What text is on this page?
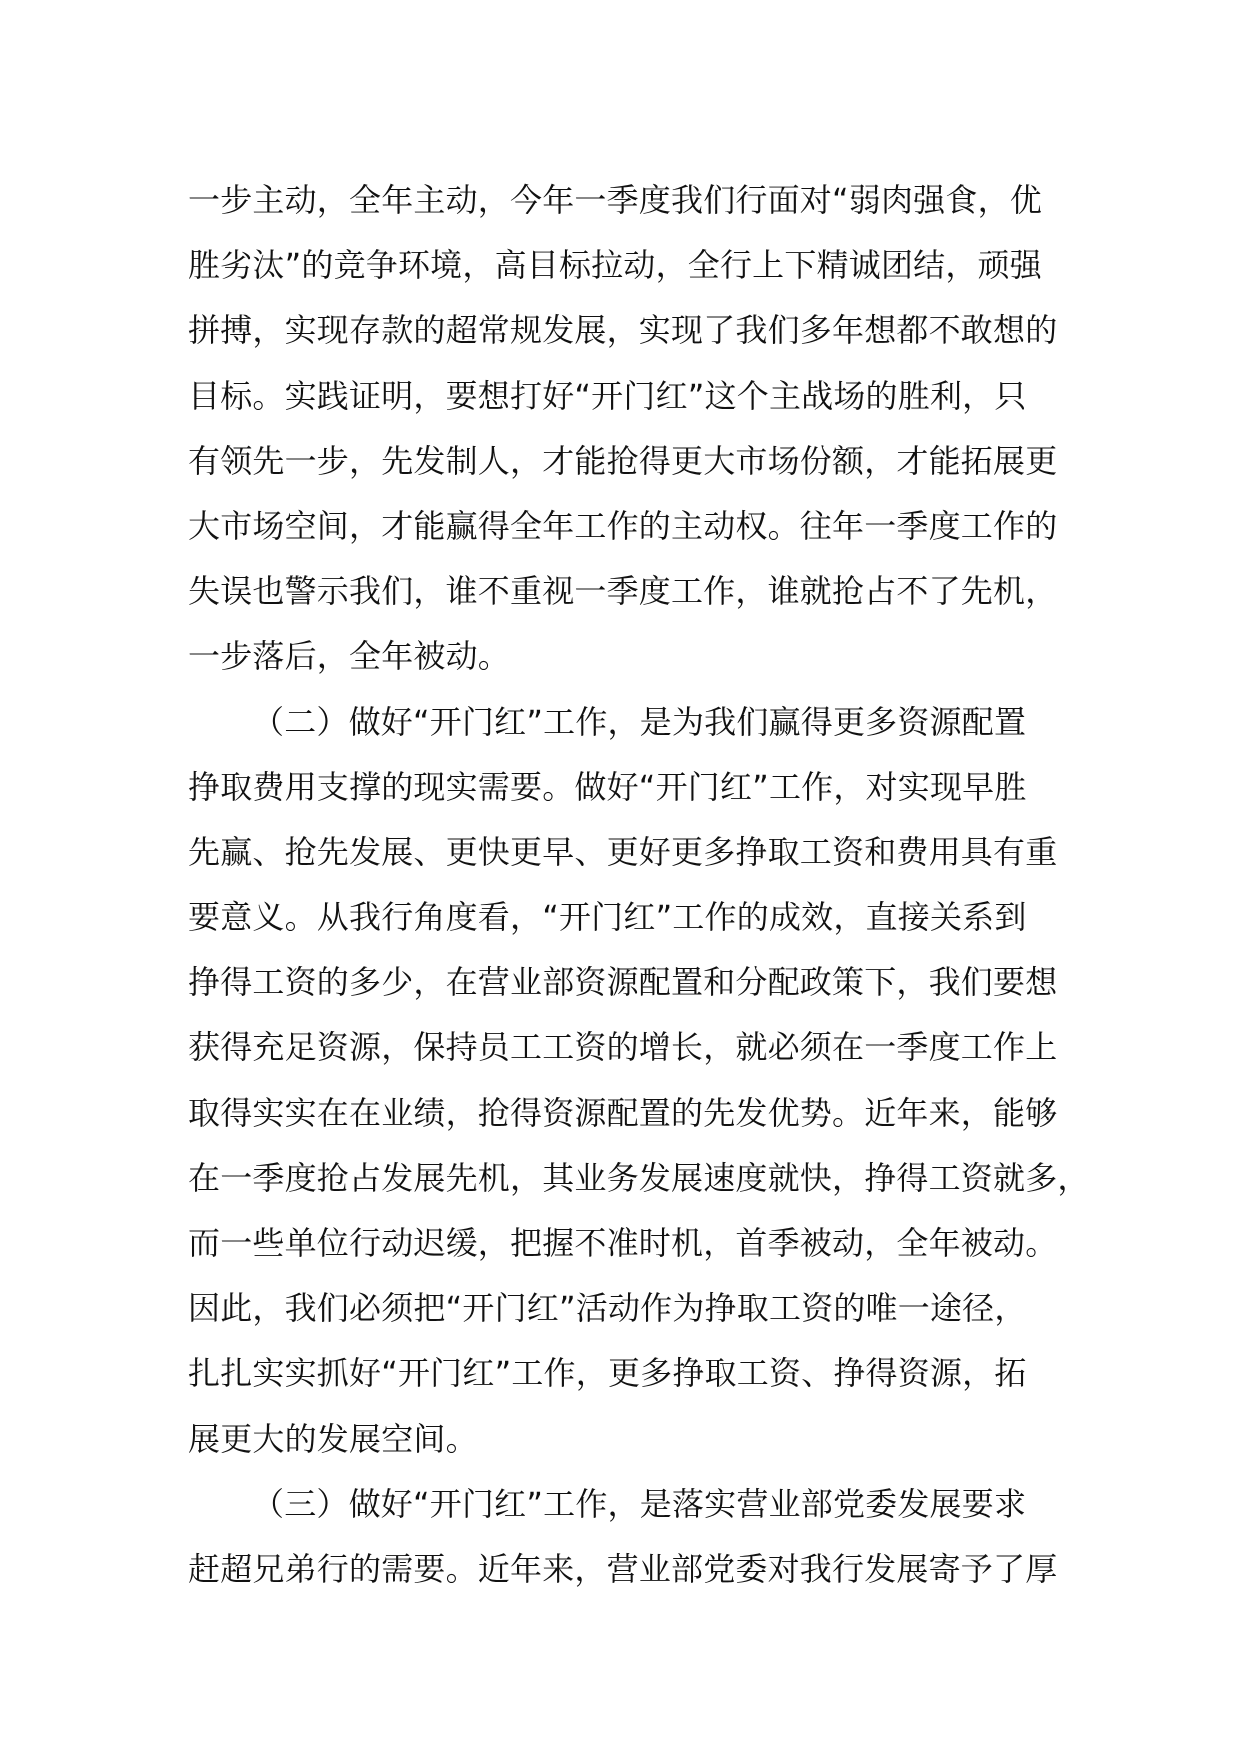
一步主动，全年主动，今年一季度我们行面对“弱肉强食，优
胜劣汰”的竞争环境，高目标拉动，全行上下精诚团结，顽强
拼搏，实现存款的超常规发展，实现了我们多年想都不敢想的
目标。实践证明，要想打好“开门红”这个主战场的胜利，只
有领先一步，先发制人，才能抢得更大市场份额，才能拓展更
大市场空间，才能赢得全年工作的主动权。往年一季度工作的
失误也警示我们，谁不重视一季度工作，谁就抢占不了先机，
一步落后，全年被动。
（二）做好“开门红”工作，是为我们赢得更多资源配置
挣取费用支撑的现实需要。做好“开门红”工作，对实现早胜
先赢、抢先发展、更快更早、更好更多挣取工资和费用具有重
要意义。从我行角度看，“开门红”工作的成效，直接关系到
挣得工资的多少，在营业部资源配置和分配政策下，我们要想
获得充足资源，保持员工工资的增长，就必须在一季度工作上
取得实实在在业绩，抢得资源配置的先发优势。近年来，能够
在一季度抢占发展先机，其业务发展速度就快，挣得工资就多，
而一些单位行动迟缓，把握不准时机，首季被动，全年被动。
因此，我们必须把“开门红”活动作为挣取工资的唯一途径，
扎扎实实抓好“开门红”工作，更多挣取工资、挣得资源，拓
展更大的发展空间。
（三）做好“开门红”工作，是落实营业部党委发展要求
赶超兄弟行的需要。近年来，营业部党委对我行发展寄予了厚
